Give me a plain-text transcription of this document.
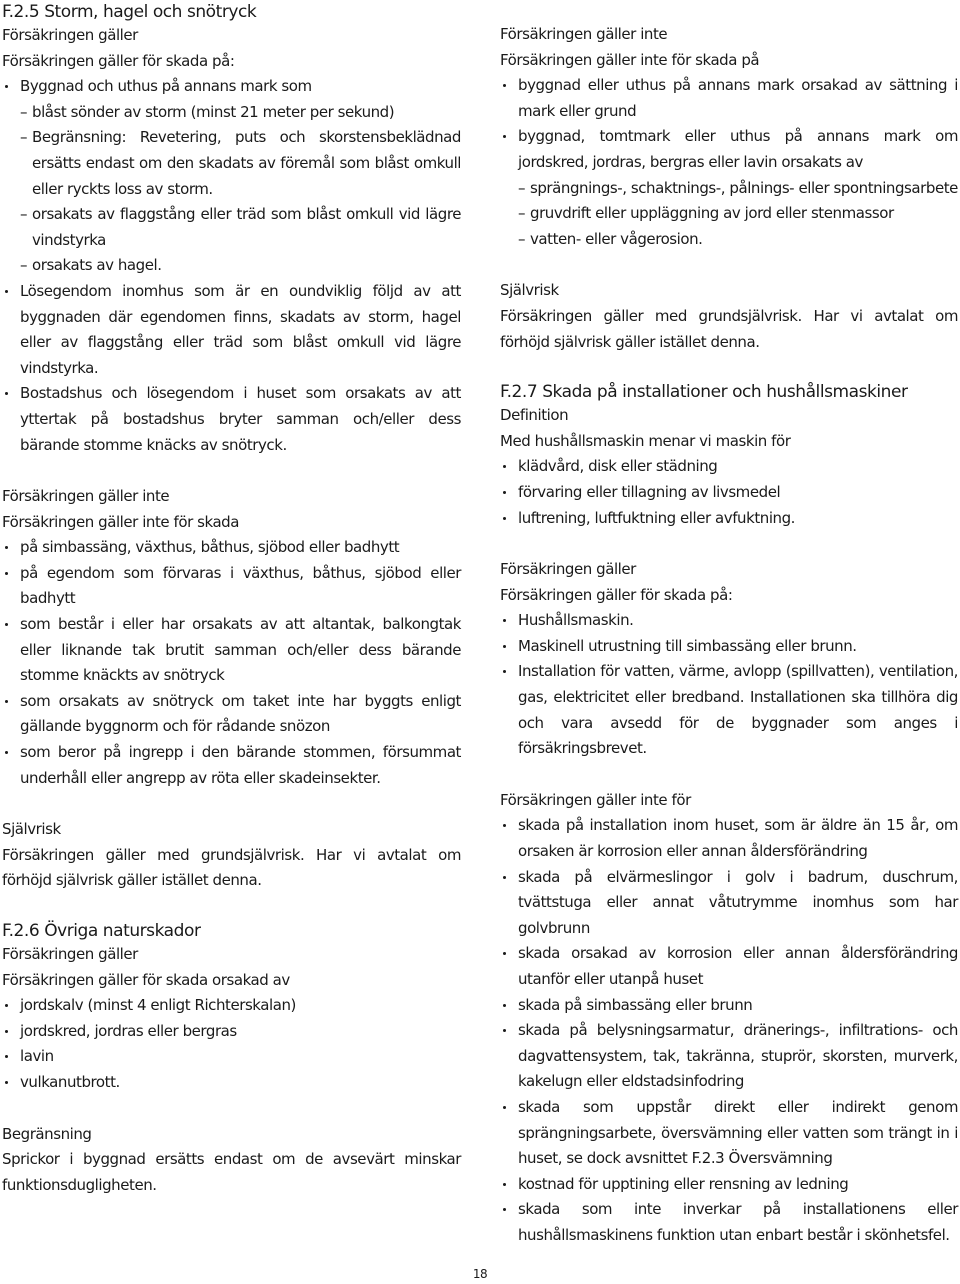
F.2.5 Storm, hagel och snötryck

Försäkringen gäller

Försäkringen gäller för skada på:

Byggnad och uthus på annans mark som
– blåst sönder av storm (minst 21 meter per sekund)
– Begränsning: Revetering, puts och skorstensbeklädnad ersätts endast om den skadats av föremål som blåst omkull eller ryckts loss av storm.
– orsakats av flaggstång eller träd som blåst omkull vid lägre vindstyrka
– orsakats av hagel.
Lösegendom inomhus som är en oundviklig följd av att byggnaden där egendomen finns, skadats av storm, hagel eller av flaggstång eller träd som blåst omkull vid lägre vindstyrka.
Bostadshus och lösegendom i huset som orsakats av att yttertak på bostadshus bryter samman och/eller dess bärande stomme knäcks av snötryck.

Försäkringen gäller inte

Försäkringen gäller inte för skada

på simbassäng, växthus, båthus, sjöbod eller badhytt
på egendom som förvaras i växthus, båthus, sjöbod eller badhytt
som består i eller har orsakats av att altantak, balkongtak eller liknande tak brutit samman och/eller dess bärande stomme knäckts av snötryck
som orsakats av snötryck om taket inte har byggts enligt gällande byggnorm och för rådande snözon
som beror på ingrepp i den bärande stommen, försummat underhåll eller angrepp av röta eller skadeinsekter.

Självrisk

Försäkringen gäller med grundsjälvrisk. Har vi avtalat om förhöjd självrisk gäller istället denna.

F.2.6 Övriga naturskador

Försäkringen gäller

Försäkringen gäller för skada orsakad av

jordskalv (minst 4 enligt Richterskalan)
jordskred, jordras eller bergras
lavin
vulkanutbrott.

Begränsning

Sprickor i byggnad ersätts endast om de avsevärt minskar funktionsdugligheten.

Försäkringen gäller inte

Försäkringen gäller inte för skada på

byggnad eller uthus på annans mark orsakad av sättning i mark eller grund
byggnad, tomtmark eller uthus på annans mark om jordskred, jordras, bergras eller lavin orsakats av
– sprängnings-, schaktnings-, pålnings- eller spontningsarbete
– gruvdrift eller uppläggning av jord eller stenmassor
– vatten- eller vågerosion.

Självrisk

Försäkringen gäller med grundsjälvrisk. Har vi avtalat om förhöjd självrisk gäller istället denna.

F.2.7 Skada på installationer och hushållsmaskiner

Definition

Med hushållsmaskin menar vi maskin för

klädvård, disk eller städning
förvaring eller tillagning av livsmedel
luftrening, luftfuktning eller avfuktning.

Försäkringen gäller

Försäkringen gäller för skada på:

Hushållsmaskin.
Maskinell utrustning till simbassäng eller brunn.
Installation för vatten, värme, avlopp (spillvatten), ventilation, gas, elektricitet eller bredband. Installationen ska tillhöra dig och vara avsedd för de byggnader som anges i försäkringsbrevet.

Försäkringen gäller inte för

skada på installation inom huset, som är äldre än 15 år, om orsaken är korrosion eller annan åldersförändring
skada på elvärmeslingor i golv i badrum, duschrum, tvättstuga eller annat våtutrymme inomhus som har golvbrunn
skada orsakad av korrosion eller annan åldersförändring utanför eller utanpå huset
skada på simbassäng eller brunn
skada på belysningsarmatur, dränerings-, infiltrations- och dagvattensystem, tak, takränna, stuprör, skorsten, murverk, kakelugn eller eldstadsinfodring
skada som uppstår direkt eller indirekt genom sprängningsarbete, översvämning eller vatten som trängt in i huset, se dock avsnittet F.2.3 Översvämning
kostnad för upptining eller rensning av ledning
skada som inte inverkar på installationens eller hushållsmaskinens funktion utan enbart består i skönhetsfel.
18
